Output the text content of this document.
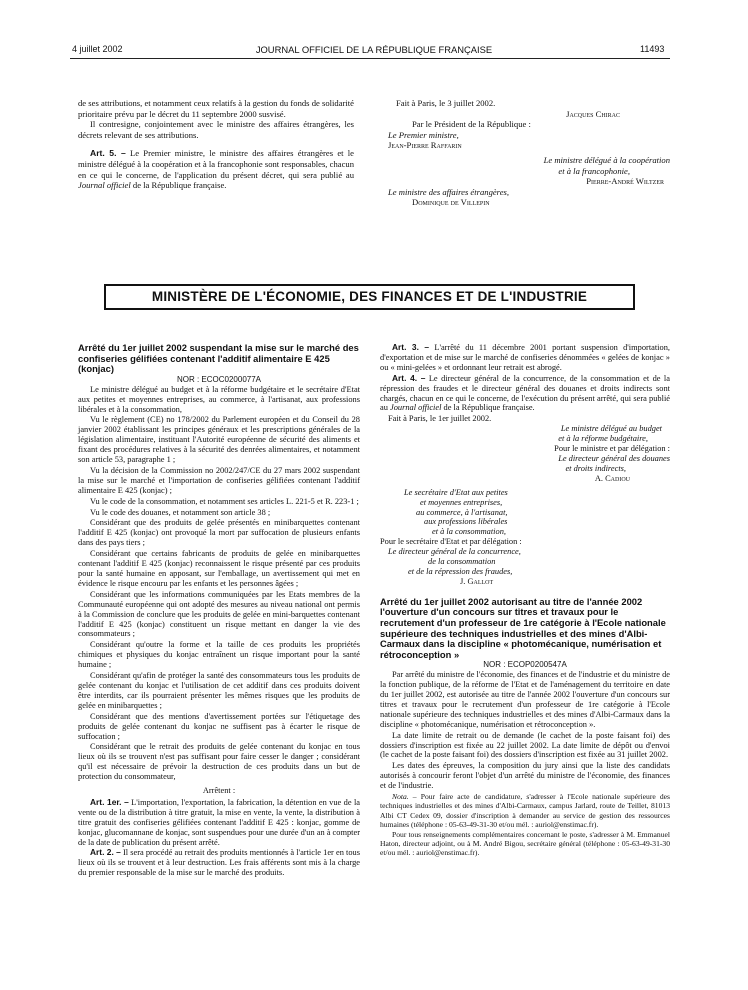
4 juillet 2002	JOURNAL OFFICIEL DE LA RÉPUBLIQUE FRANÇAISE	11493

de ses attributions, et notamment ceux relatifs à la gestion du fonds de solidarité prioritaire prévu par le décret du 11 septembre 2000 susvisé.

Il contresigne, conjointement avec le ministre des affaires étrangères, les décrets relevant de ses attributions.

Art. 5. – Le Premier ministre, le ministre des affaires étrangères et le ministre délégué à la coopération et à la francophonie sont responsables, chacun en ce qui le concerne, de l'application du présent décret, qui sera publié au Journal officiel de la République française.

Fait à Paris, le 3 juillet 2002.

Jacques Chirac

Par le Président de la République :

Le Premier ministre,

Jean-Pierre Raffarin

Le ministre délégué à la coopération

et à la francophonie,

Pierre-André Wiltzer

Le ministre des affaires étrangères,

Dominique de Villepin

MINISTÈRE DE L'ÉCONOMIE, DES FINANCES ET DE L'INDUSTRIE

Arrêté du 1er juillet 2002 suspendant la mise sur le marché des confiseries gélifiées contenant l'additif alimentaire E 425 (konjac)

NOR : ECOC0200077A

Le ministre délégué au budget et à la réforme budgétaire et le secrétaire d'Etat aux petites et moyennes entreprises, au commerce, à l'artisanat, aux professions libérales et à la consommation,

Vu le règlement (CE) no 178/2002 du Parlement européen et du Conseil du 28 janvier 2002 établissant les principes généraux et les prescriptions générales de la législation alimentaire, instituant l'Autorité européenne de sécurité des aliments et fixant des procédures relatives à la sécurité des denrées alimentaires, et notamment son article 53, paragraphe 1 ;

Vu la décision de la Commission no 2002/247/CE du 27 mars 2002 suspendant la mise sur le marché et l'importation de confiseries gélifiées contenant l'additif alimentaire E 425 (konjac) ;

Vu le code de la consommation, et notamment ses articles L. 221-5 et R. 223-1 ;

Vu le code des douanes, et notamment son article 38 ;

Considérant que des produits de gelée présentés en minibarquettes contenant l'additif E 425 (konjac) ont provoqué la mort par suffocation de plusieurs enfants dans des pays tiers ;

Considérant que certains fabricants de produits de gelée en minibarquettes contenant l'additif E 425 (konjac) reconnaissent le risque présenté par ces produits pour la santé humaine en apposant, sur l'emballage, un avertissement qui met en évidence le risque encouru par les enfants et les personnes âgées ;

Considérant que les informations communiquées par les Etats membres de la Communauté européenne qui ont adopté des mesures au niveau national ont permis à la Commission de conclure que les produits de gelée en mini-barquettes contenant l'additif E 425 (konjac) constituent un risque mettant en danger la vie des consommateurs ;

Considérant qu'outre la forme et la taille de ces produits les propriétés chimiques et physiques du konjac entraînent un risque important pour la santé humaine ;

Considérant qu'afin de protéger la santé des consommateurs tous les produits de gelée contenant du konjac et l'utilisation de cet additif dans ces produits doivent être interdits, car ils pourraient présenter les mêmes risques que les produits de gelée en minibarquettes ;

Considérant que des mentions d'avertissement portées sur l'étiquetage des produits de gelée contenant du konjac ne suffisent pas à écarter le risque de suffocation ;

Considérant que le retrait des produits de gelée contenant du konjac en tous lieux où ils se trouvent n'est pas suffisant pour faire cesser le danger ; considérant qu'il est nécessaire de prévoir la destruction de ces produits dans un but de protection du consommateur,

Arrêtent :

Art. 1er. – L'importation, l'exportation, la fabrication, la détention en vue de la vente ou de la distribution à titre gratuit, la mise en vente, la vente, la distribution à titre gratuit des confiseries gélifiées contenant l'additif E 425 : konjac, gomme de konjac, glucomannane de konjac, sont suspendues pour une durée d'un an à compter de la date de publication du présent arrêté.

Art. 2. – Il sera procédé au retrait des produits mentionnés à l'article 1er en tous lieux où ils se trouvent et à leur destruction. Les frais afférents sont mis à la charge du premier responsable de la mise sur le marché des produits.

Art. 3. – L'arrêté du 11 décembre 2001 portant suspension d'importation, d'exportation et de mise sur le marché de confiseries dénommées « gelées de konjac » ou « mini-gelées » et ordonnant leur retrait est abrogé.

Art. 4. – Le directeur général de la concurrence, de la consommation et de la répression des fraudes et le directeur général des douanes et droits indirects sont chargés, chacun en ce qui le concerne, de l'exécution du présent arrêté, qui sera publié au Journal officiel de la République française.

Fait à Paris, le 1er juillet 2002.

Le ministre délégué au budget

et à la réforme budgétaire,

Pour le ministre et par délégation :

Le directeur général des douanes

et droits indirects,

A. Cadiou

Le secrétaire d'Etat aux petites

et moyennes entreprises,

au commerce, à l'artisanat,

aux professions libérales

et à la consommation,

Pour le secrétaire d'Etat et par délégation :

Le directeur général de la concurrence,

de la consommation

et de la répression des fraudes,

J. Gallot

Arrêté du 1er juillet 2002 autorisant au titre de l'année 2002 l'ouverture d'un concours sur titres et travaux pour le recrutement d'un professeur de 1re catégorie à l'Ecole nationale supérieure des techniques industrielles et des mines d'Albi-Carmaux dans la discipline « photomécanique, numérisation et rétroconception »

NOR : ECOP0200547A

Par arrêté du ministre de l'économie, des finances et de l'industrie et du ministre de la fonction publique, de la réforme de l'Etat et de l'aménagement du territoire en date du 1er juillet 2002, est autorisée au titre de l'année 2002 l'ouverture d'un concours sur titres et travaux pour le recrutement d'un professeur de 1re catégorie à l'Ecole nationale supérieure des techniques industrielles et des mines d'Albi-Carmaux dans la discipline « photomécanique, numérisation et rétroconception ».

La date limite de retrait ou de demande (le cachet de la poste faisant foi) des dossiers d'inscription est fixée au 22 juillet 2002. La date limite de dépôt ou d'envoi (le cachet de la poste faisant foi) des dossiers d'inscription est fixée au 31 juillet 2002.

Les dates des épreuves, la composition du jury ainsi que la liste des candidats autorisés à concourir feront l'objet d'un arrêté du ministre de l'économie, des finances et de l'industrie.

Nota. – Pour faire acte de candidature, s'adresser à l'Ecole nationale supérieure des techniques industrielles et des mines d'Albi-Carmaux, campus Jarlard, route de Teillet, 81013 Albi CT Cedex 09, dossier d'inscription à demander au service de gestion des ressources humaines (téléphone : 05-63-49-31-30 et/ou mél. : auriol@enstimac.fr).

Pour tous renseignements complémentaires concernant le poste, s'adresser à M. Emmanuel Haton, directeur adjoint, ou à M. André Bigou, secrétaire général (téléphone : 05-63-49-31-30 et/ou mél. : auriol@enstimac.fr).
